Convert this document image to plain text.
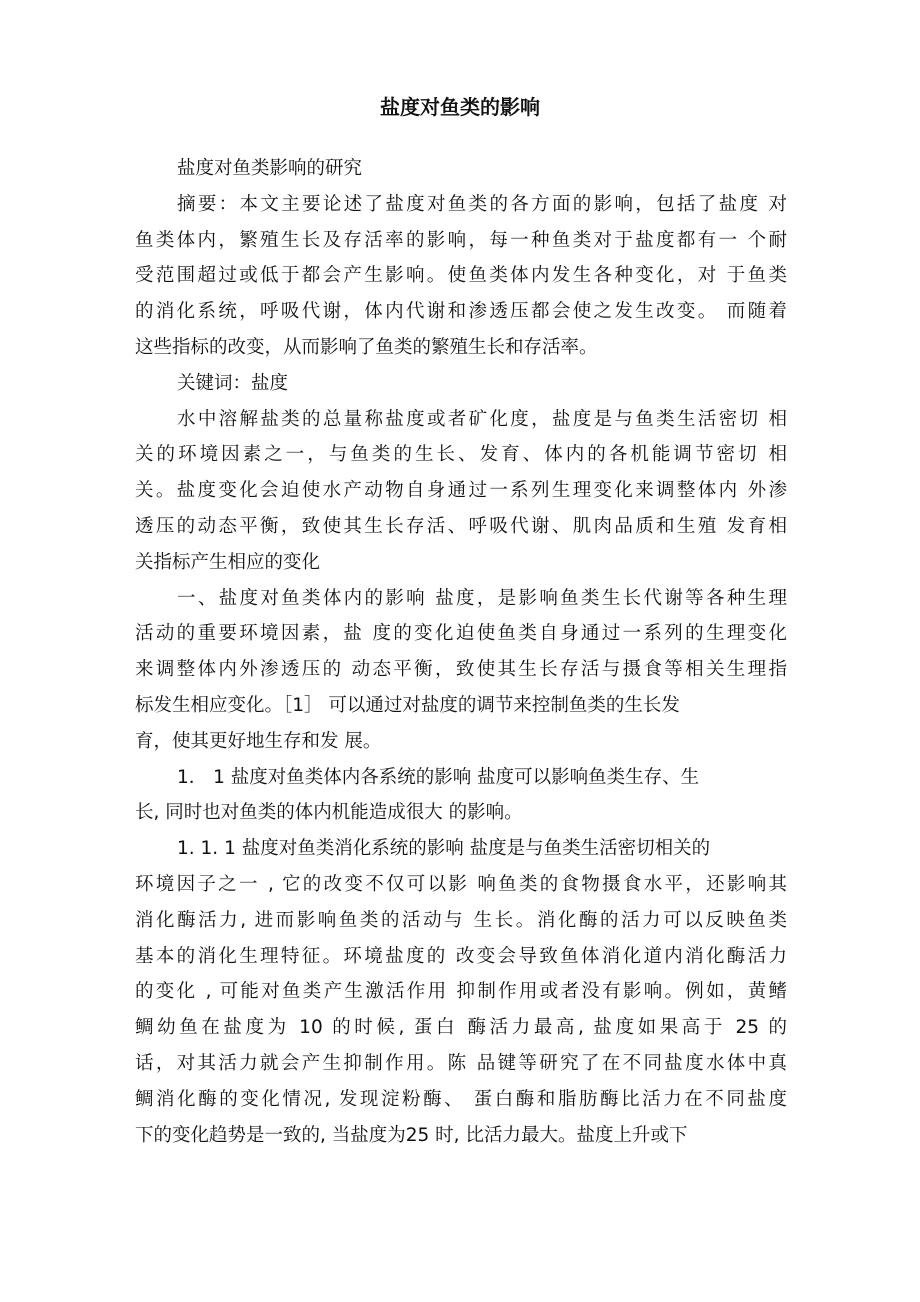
盐度对鱼类的影响
盐度对鱼类影响的研究
摘要：本文主要论述了盐度对鱼类的各方面的影响，包括了盐度 对
鱼类体内，繁殖生长及存活率的影响，每一种鱼类对于盐度都有一 个耐
受范围超过或低于都会产生影响。使鱼类体内发生各种变化，对 于鱼类
的消化系统，呼吸代谢，体内代谢和渗透压都会使之发生改变。 而随着
这些指标的改变，从而影响了鱼类的繁殖生长和存活率。
关键词：盐度
水中溶解盐类的总量称盐度或者矿化度，盐度是与鱼类生活密切 相
关的环境因素之一，与鱼类的生长、发育、体内的各机能调节密切 相
关。盐度变化会迫使水产动物自身通过一系列生理变化来调整体内 外渗
透压的动态平衡，致使其生长存活、呼吸代谢、肌肉品质和生殖 发育相
关指标产生相应的变化
一、盐度对鱼类体内的影响 盐度，是影响鱼类生长代谢等各种生理
活动的重要环境因素，盐 度的变化迫使鱼类自身通过一系列的生理变化
来调整体内外渗透压的 动态平衡，致使其生长存活与摄食等相关生理指
标发生相应变化。［1］ 可以通过对盐度的调节来控制鱼类的生长发
育，使其更好地生存和发 展。
1． 1 盐度对鱼类体内各系统的影响 盐度可以影响鱼类生存、生
长, 同时也对鱼类的体内机能造成很大 的影响。
1. 1. 1 盐度对鱼类消化系统的影响 盐度是与鱼类生活密切相关的
环境因子之一 , 它的改变不仅可以影 响鱼类的食物摄食水平，还影响其
消化酶活力, 进而影响鱼类的活动与 生长。消化酶的活力可以反映鱼类
基本的消化生理特征。环境盐度的 改变会导致鱼体消化道内消化酶活力
的变化 , 可能对鱼类产生激活作用 抑制作用或者没有影响。例如，黄鳍
鲷幼鱼在盐度为 10 的时候, 蛋白 酶活力最高, 盐度如果高于 25 的
话，对其活力就会产生抑制作用。陈 品键等研究了在不同盐度水体中真
鲷消化酶的变化情况, 发现淀粉酶、 蛋白酶和脂肪酶比活力在不同盐度
下的变化趋势是一致的, 当盐度为25 时, 比活力最大。盐度上升或下
